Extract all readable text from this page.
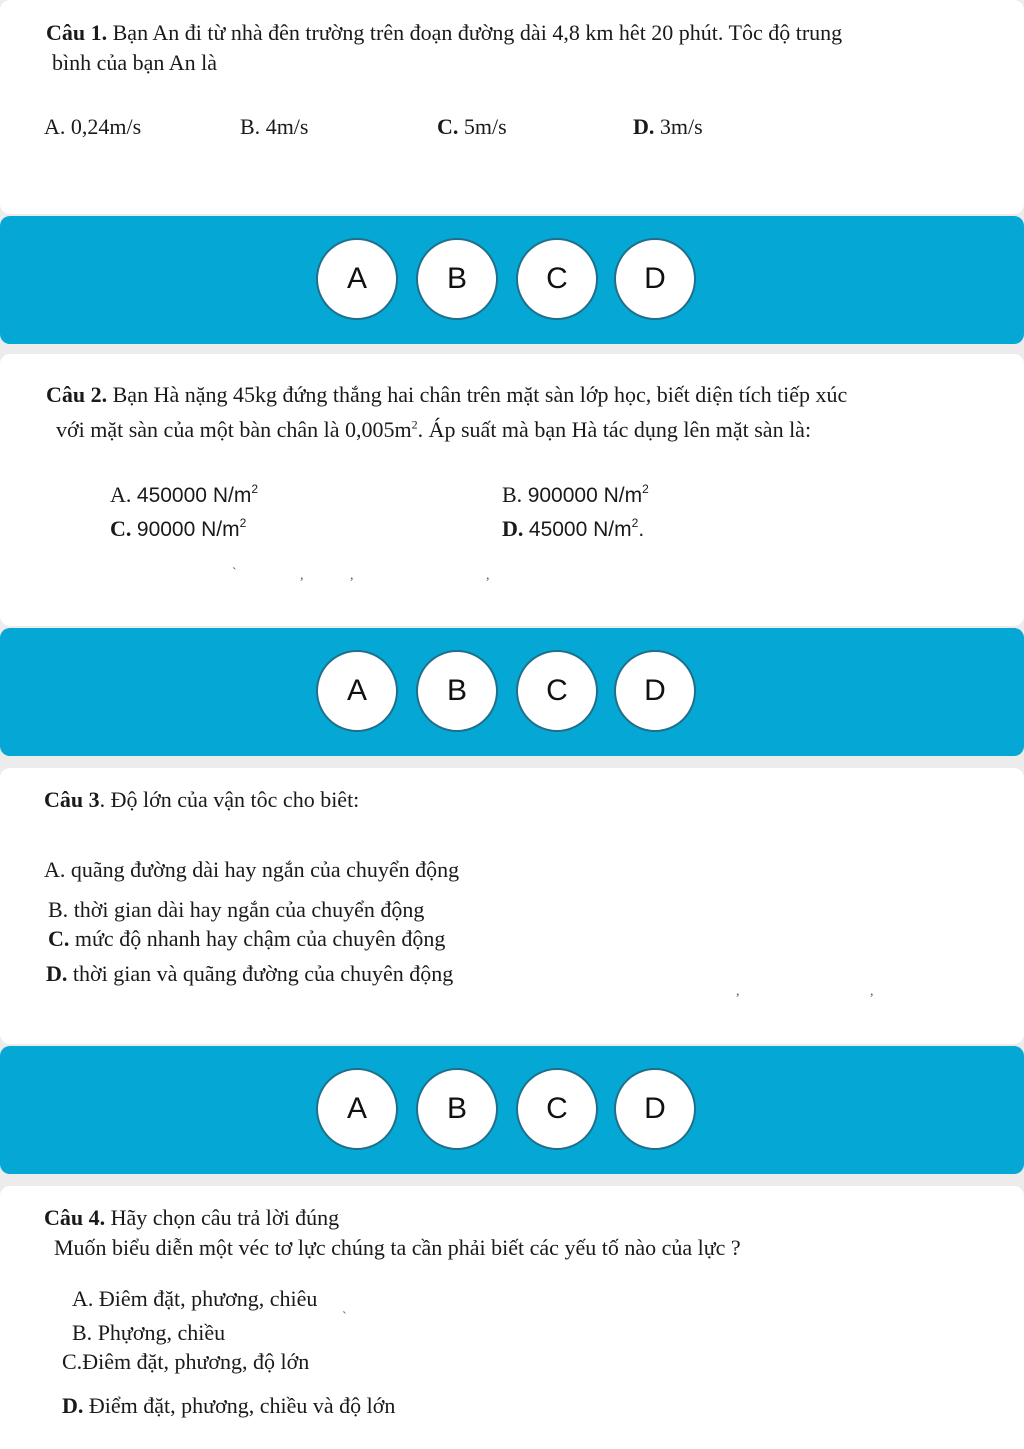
Câu 1. Bạn An đi từ nhà đên trường trên đoạn đường dài 4,8 km hêt 20 phút. Tôc độ trung
bình của bạn An là
A. 0,24m/s	B. 4m/s	C. 5m/s	D. 3m/s
A	B	C	D
Câu 2. Bạn Hà nặng 45kg đứng thắng hai chân trên mặt sàn lớp học, biết diện tích tiếp xúc
với mặt sàn của một bàn chân là $0,005m^2$. Áp suất mà bạn Hà tác dụng lên mặt sàn là:
A. 450000 $N/m^2$	B. 900000 $N/m^2$
C. 90000 $N/m^2$	D. 45000 $N/m^2$.
`	,	,	,
A	B	C	D
Câu 3. Độ lớn của vận tôc cho biêt:
A. quãng đường dài hay ngắn của chuyển động
B. thời gian dài hay ngắn của chuyển động
C. mức độ nhanh hay chậm của chuyên động
D. thời gian và quãng đường của chuyên động
,	,
A	B	C	D
Câu 4. Hãy chọn câu trả lời đúng
Muốn biểu diễn một véc tơ lực chúng ta cần phải biết các yếu tố nào của lực ?
A. Điêm đặt, phương, chiêu
B. Phựơng, chiều
C.Điêm đặt, phương, độ lớn
D. Điểm đặt, phương, chiều và độ lớn
`
